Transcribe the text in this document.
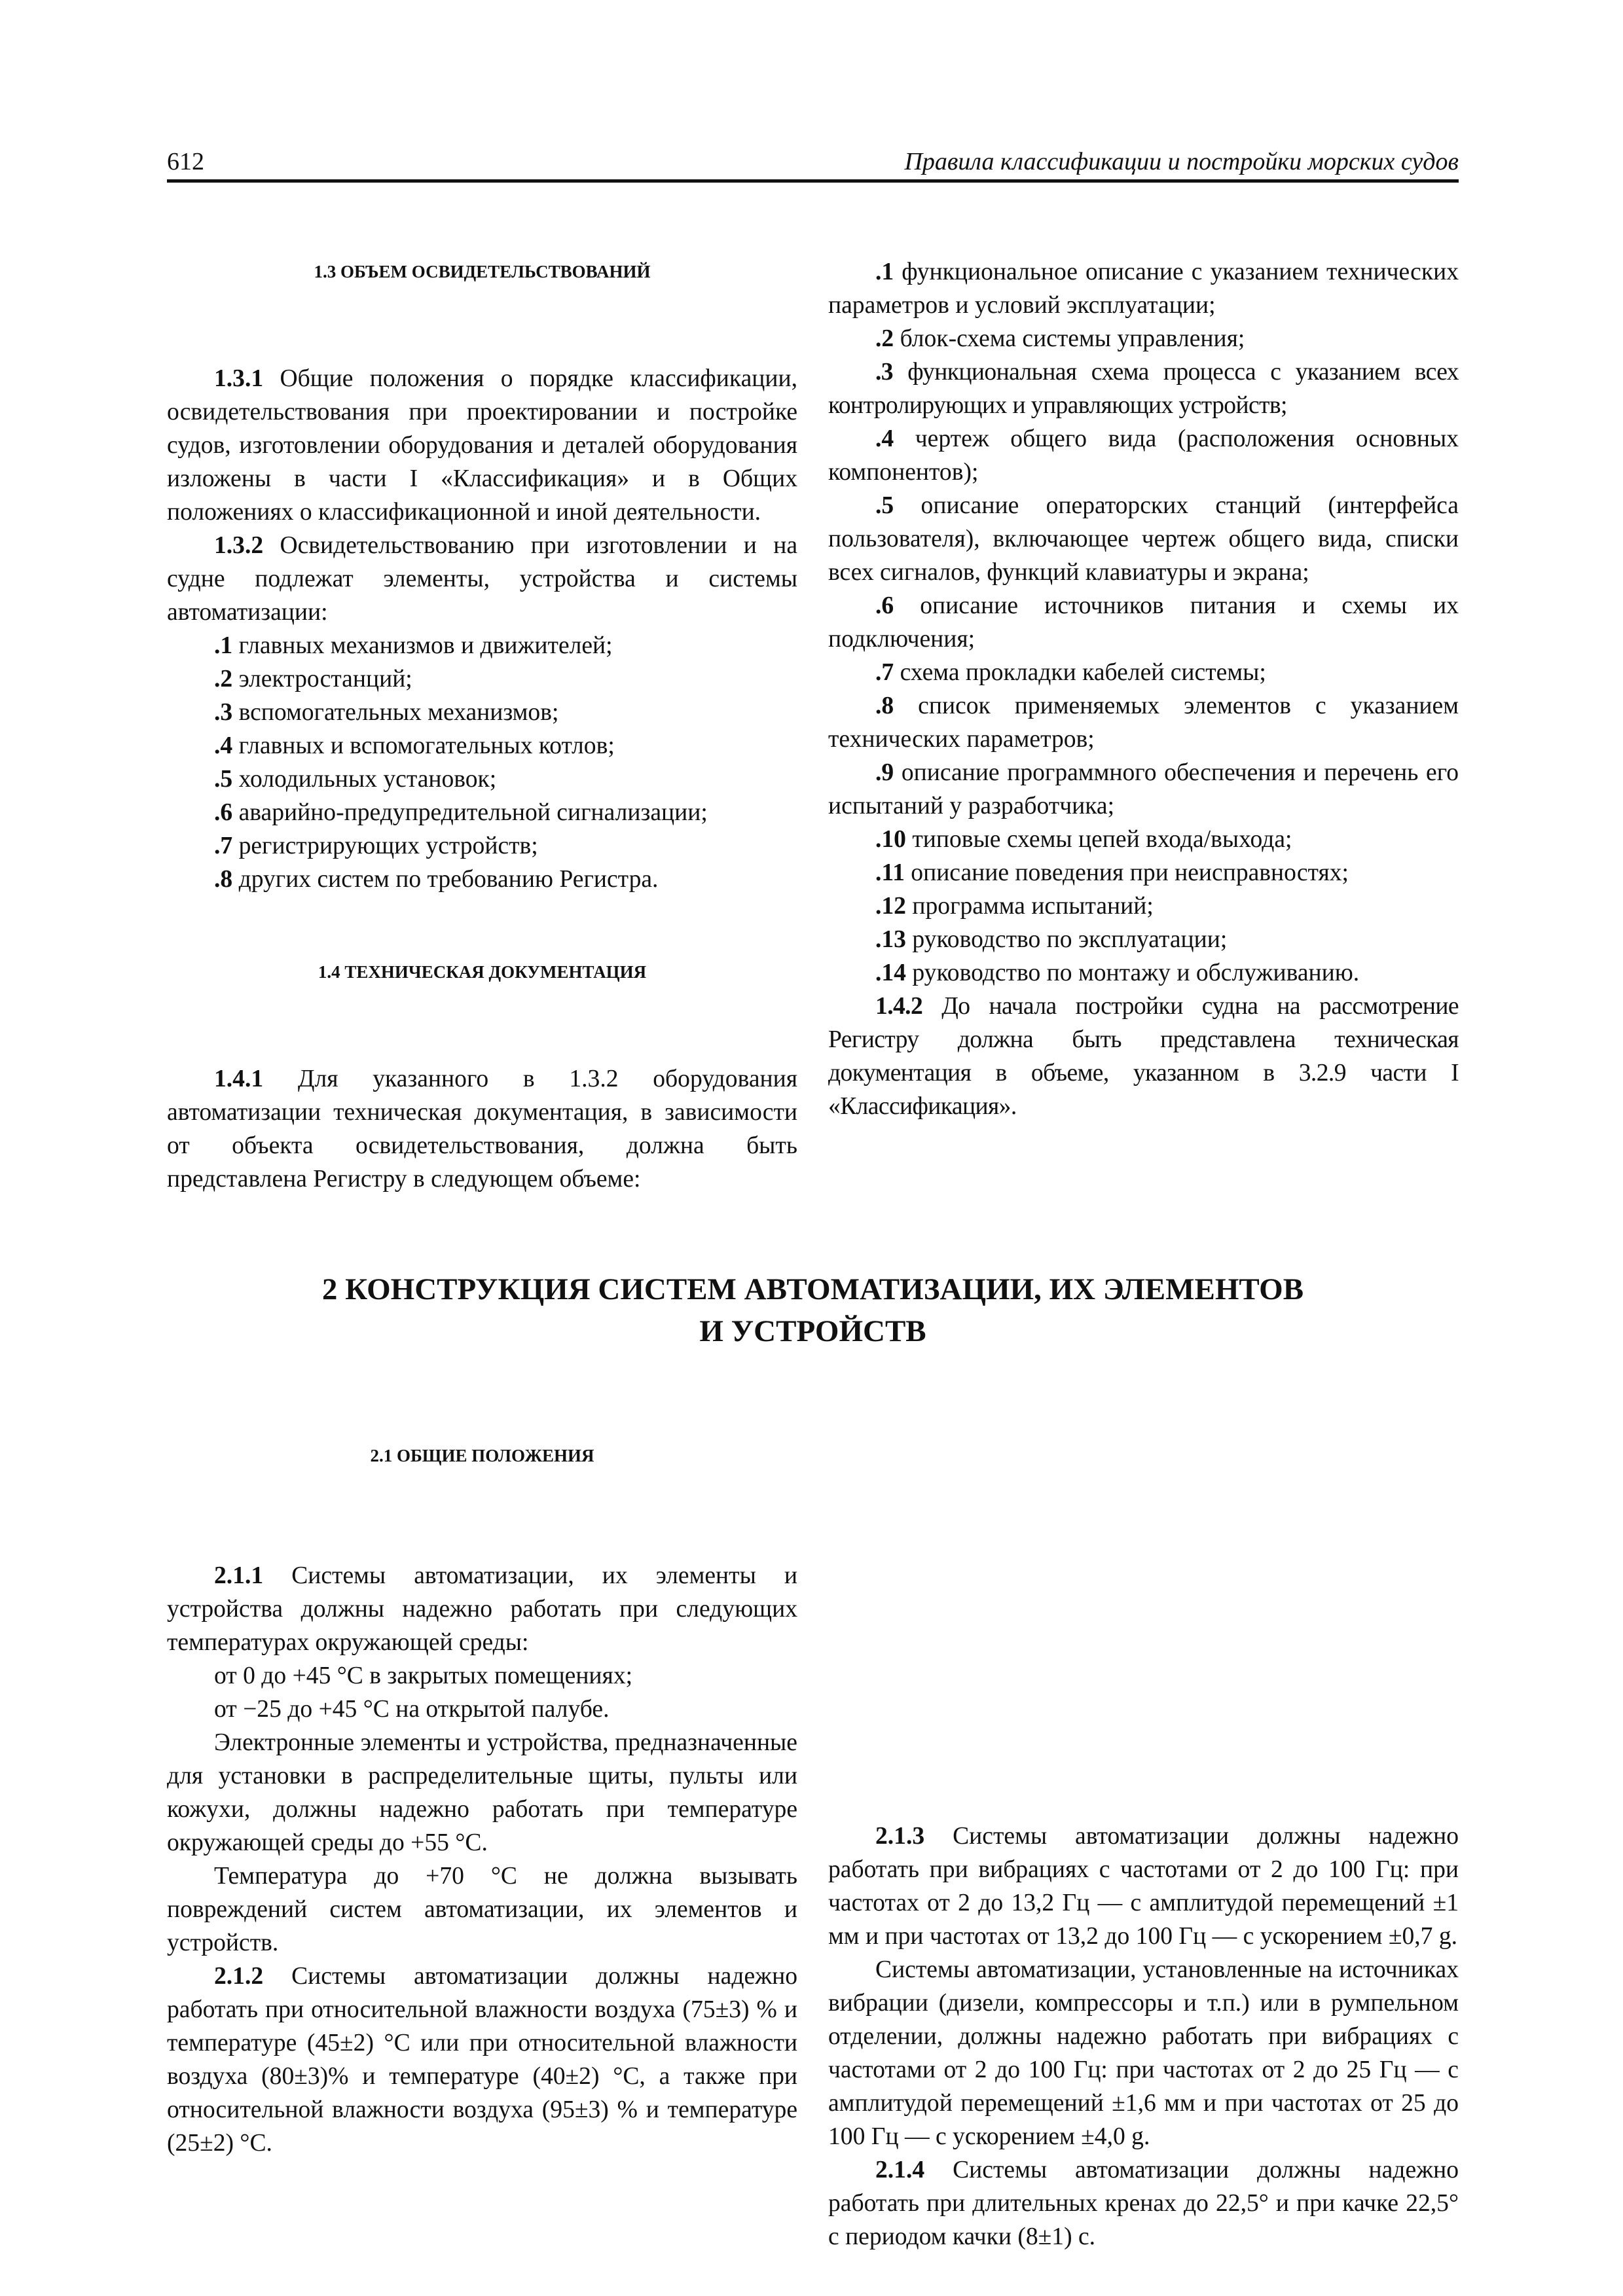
612	Правила классификации и постройки морских судов

1.3 ОБЪЕМ ОСВИДЕТЕЛЬСТВОВАНИЙ

1.3.1 Общие положения о порядке классификации, освидетельствования при проектировании и постройке судов, изготовлении оборудования и деталей оборудования изложены в части I «Классификация» и в Общих положениях о классификационной и иной деятельности.

1.3.2 Освидетельствованию при изготовлении и на судне подлежат элементы, устройства и системы автоматизации:

.1 главных механизмов и движителей;

.2 электростанций;

.3 вспомогательных механизмов;

.4 главных и вспомогательных котлов;

.5 холодильных установок;

.6 аварийно-предупредительной сигнализации;

.7 регистрирующих устройств;

.8 других систем по требованию Регистра.

1.4 ТЕХНИЧЕСКАЯ ДОКУМЕНТАЦИЯ

1.4.1 Для указанного в 1.3.2 оборудования автоматизации техническая документация, в зависимости от объекта освидетельствования, должна быть представлена Регистру в следующем объеме:

.1 функциональное описание с указанием технических параметров и условий эксплуатации;

.2 блок-схема системы управления;

.3 функциональная схема процесса с указанием всех контролирующих и управляющих устройств;

.4 чертеж общего вида (расположения основных компонентов);

.5 описание операторских станций (интерфейса пользователя), включающее чертеж общего вида, списки всех сигналов, функций клавиатуры и экрана;

.6 описание источников питания и схемы их подключения;

.7 схема прокладки кабелей системы;

.8 список применяемых элементов с указанием технических параметров;

.9 описание программного обеспечения и перечень его испытаний у разработчика;

.10 типовые схемы цепей входа/выхода;

.11 описание поведения при неисправностях;

.12 программа испытаний;

.13 руководство по эксплуатации;

.14 руководство по монтажу и обслуживанию.

1.4.2 До начала постройки судна на рассмотрение Регистру должна быть представлена техническая документация в объеме, указанном в 3.2.9 части I «Классификация».

2 КОНСТРУКЦИЯ СИСТЕМ АВТОМАТИЗАЦИИ, ИХ ЭЛЕМЕНТОВ
И УСТРОЙСТВ

2.1 ОБЩИЕ ПОЛОЖЕНИЯ

2.1.1 Системы автоматизации, их элементы и устройства должны надежно работать при следующих температурах окружающей среды:

от 0 до +45 °С в закрытых помещениях;

от −25 до +45 °С на открытой палубе.

Электронные элементы и устройства, предназначенные для установки в распределительные щиты, пульты или кожухи, должны надежно работать при температуре окружающей среды до +55 °С.

Температура до +70 °С не должна вызывать повреждений систем автоматизации, их элементов и устройств.

2.1.2 Системы автоматизации должны надежно работать при относительной влажности воздуха (75±3) % и температуре (45±2) °С или при относительной влажности воздуха (80±3)% и температуре (40±2) °С, а также при относительной влажности воздуха (95±3) % и температуре (25±2) °С.

2.1.3 Системы автоматизации должны надежно работать при вибрациях с частотами от 2 до 100 Гц: при частотах от 2 до 13,2 Гц — с амплитудой перемещений ±1 мм и при частотах от 13,2 до 100 Гц — с ускорением ±0,7 g.

Системы автоматизации, установленные на источниках вибрации (дизели, компрессоры и т.п.) или в румпельном отделении, должны надежно работать при вибрациях с частотами от 2 до 100 Гц: при частотах от 2 до 25 Гц — с амплитудой перемещений ±1,6 мм и при частотах от 25 до 100 Гц — с ускорением ±4,0 g.

2.1.4 Системы автоматизации должны надежно работать при длительных кренах до 22,5° и при качке 22,5° с периодом качки (8±1) с.
